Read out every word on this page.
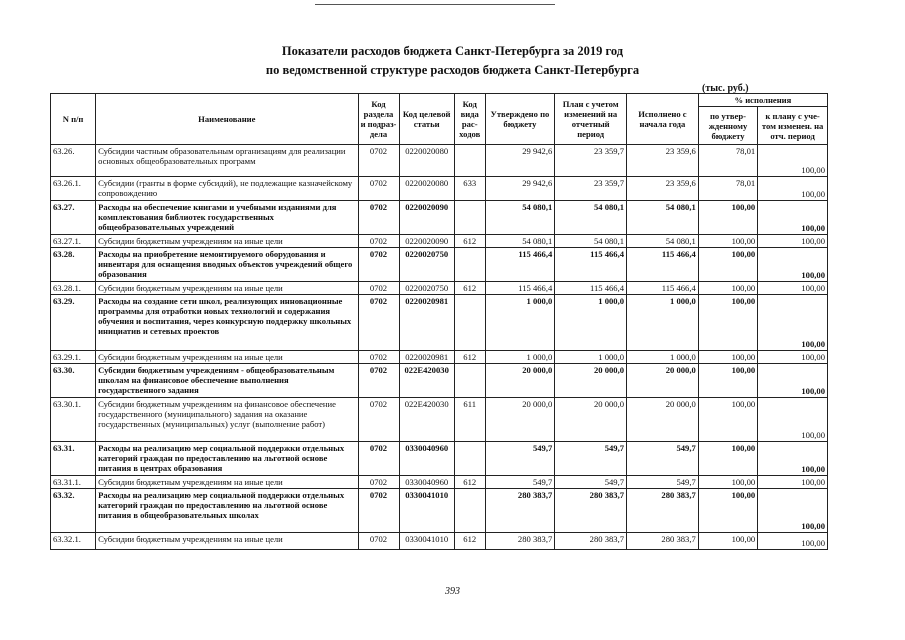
Показатели расходов бюджета Санкт-Петербурга за 2019 год
по ведомственной структуре расходов бюджета Санкт-Петербурга
(тыс. руб.)
N п/п	Наименование	Код раздела и подраз-дела	Код целевой статьи	Код вида рас-ходов	Утверждено по бюджету	План с учетом изменений на отчетный период	Исполнено с начала года	% исполнения	
								по утвер-жденному бюджету	к плану с уче-том изменен. на отч. период
63.26.	Субсидии частным образовательным организациям для реализации основных общеобразовательных программ	0702	0220020080		29 942,6	23 359,7	23 359,6	78,01	100,00
63.26.1.	Субсидии (гранты в форме субсидий), не подлежащие казначейскому сопровождению	0702	0220020080	633	29 942,6	23 359,7	23 359,6	78,01	100,00
63.27.	Расходы на обеспечение книгами и учебными изданиями для комплектования библиотек государственных общеобразовательных учреждений	0702	0220020090		54 080,1	54 080,1	54 080,1	100,00	100,00
63.27.1.	Субсидии бюджетным учреждениям на иные цели	0702	0220020090	612	54 080,1	54 080,1	54 080,1	100,00	100,00
63.28.	Расходы на приобретение немонтируемого оборудования и инвентаря для оснащения вводных объектов учреждений общего образования	0702	0220020750		115 466,4	115 466,4	115 466,4	100,00	100,00
63.28.1.	Субсидии бюджетным учреждениям на иные цели	0702	0220020750	612	115 466,4	115 466,4	115 466,4	100,00	100,00
63.29.	Расходы на создание сети школ, реализующих инновационные программы для отработки новых технологий и содержания обучения и воспитания, через конкурсную поддержку школьных инициатив и сетевых проектов	0702	0220020981		1 000,0	1 000,0	1 000,0	100,00	100,00
63.29.1.	Субсидии бюджетным учреждениям на иные цели	0702	0220020981	612	1 000,0	1 000,0	1 000,0	100,00	100,00
63.30.	Субсидии бюджетным учреждениям - общеобразовательным школам на финансовое обеспечение выполнения государственного задания	0702	022Е420030		20 000,0	20 000,0	20 000,0	100,00	100,00
63.30.1.	Субсидии бюджетным учреждениям на финансовое обеспечение государственного (муниципального) задания на оказание государственных (муниципальных) услуг (выполнение работ)	0702	022Е420030	611	20 000,0	20 000,0	20 000,0	100,00	100,00
63.31.	Расходы на реализацию мер социальной поддержки отдельных категорий граждан по предоставлению на льготной основе питания в центрах образования	0702	0330040960		549,7	549,7	549,7	100,00	100,00
63.31.1.	Субсидии бюджетным учреждениям на иные цели	0702	0330040960	612	549,7	549,7	549,7	100,00	100,00
63.32.	Расходы на реализацию мер социальной поддержки отдельных категорий граждан по предоставлению на льготной основе питания в общеобразовательных школах	0702	0330041010		280 383,7	280 383,7	280 383,7	100,00	100,00
63.32.1.	Субсидии бюджетным учреждениям на иные цели	0702	0330041010	612	280 383,7	280 383,7	280 383,7	100,00	100,00
393
